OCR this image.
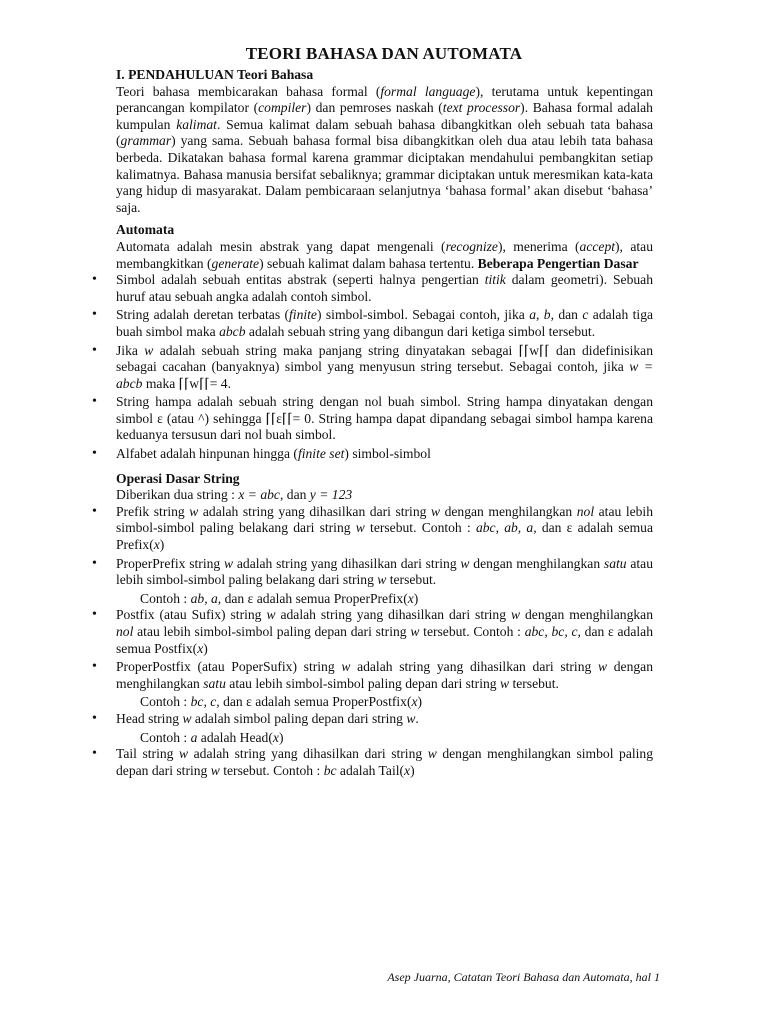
TEORI BAHASA DAN AUTOMATA

I. PENDAHULUAN Teori Bahasa

Teori bahasa membicarakan bahasa formal (formal language), terutama untuk kepentingan perancangan kompilator (compiler) dan pemroses naskah (text processor). Bahasa formal adalah kumpulan kalimat. Semua kalimat dalam sebuah bahasa dibangkitkan oleh sebuah tata bahasa (grammar) yang sama. Sebuah bahasa formal bisa dibangkitkan oleh dua atau lebih tata bahasa berbeda. Dikatakan bahasa formal karena grammar diciptakan mendahului pembangkitan setiap kalimatnya. Bahasa manusia bersifat sebaliknya; grammar diciptakan untuk meresmikan kata-kata yang hidup di masyarakat. Dalam pembicaraan selanjutnya ‘bahasa formal’ akan disebut ‘bahasa’ saja.

Automata

Automata adalah mesin abstrak yang dapat mengenali (recognize), menerima (accept), atau membangkitkan (generate) sebuah kalimat dalam bahasa tertentu. Beberapa Pengertian Dasar

• Simbol adalah sebuah entitas abstrak (seperti halnya pengertian titik dalam geometri). Sebuah huruf atau sebuah angka adalah contoh simbol.
• String adalah deretan terbatas (finite) simbol-simbol. Sebagai contoh, jika a, b, dan c adalah tiga buah simbol maka abcb adalah sebuah string yang dibangun dari ketiga simbol tersebut.
• Jika w adalah sebuah string maka panjang string dinyatakan sebagai ⌈⌈w⌈⌈ dan didefinisikan sebagai cacahan (banyaknya) simbol yang menyusun string tersebut. Sebagai contoh, jika w = abcb maka ⌈⌈w⌈⌈= 4.
• String hampa adalah sebuah string dengan nol buah simbol. String hampa dinyatakan dengan simbol ε (atau ^) sehingga ⌈⌈ε⌈⌈= 0. String hampa dapat dipandang sebagai simbol hampa karena keduanya tersusun dari nol buah simbol.
• Alfabet adalah hinpunan hingga (finite set) simbol-simbol

Operasi Dasar String

Diberikan dua string : x = abc, dan y = 123

• Prefik string w adalah string yang dihasilkan dari string w dengan menghilangkan nol atau lebih simbol-simbol paling belakang dari string w tersebut. Contoh : abc, ab, a, dan ε adalah semua Prefix(x)
• ProperPrefix string w adalah string yang dihasilkan dari string w dengan menghilangkan satu atau lebih simbol-simbol paling belakang dari string w tersebut.

Contoh : ab, a, dan ε adalah semua ProperPrefix(x)

• Postfix (atau Sufix) string w adalah string yang dihasilkan dari string w dengan menghilangkan nol atau lebih simbol-simbol paling depan dari string w tersebut. Contoh : abc, bc, c, dan ε adalah semua Postfix(x)
• ProperPostfix (atau PoperSufix) string w adalah string yang dihasilkan dari string w dengan menghilangkan satu atau lebih simbol-simbol paling depan dari string w tersebut.

Contoh : bc, c, dan ε adalah semua ProperPostfix(x)

• Head string w adalah simbol paling depan dari string w.

Contoh : a adalah Head(x)

• Tail string w adalah string yang dihasilkan dari string w dengan menghilangkan simbol paling depan dari string w tersebut. Contoh : bc adalah Tail(x)
Asep Juarna, Catatan Teori Bahasa dan Automata, hal 1
